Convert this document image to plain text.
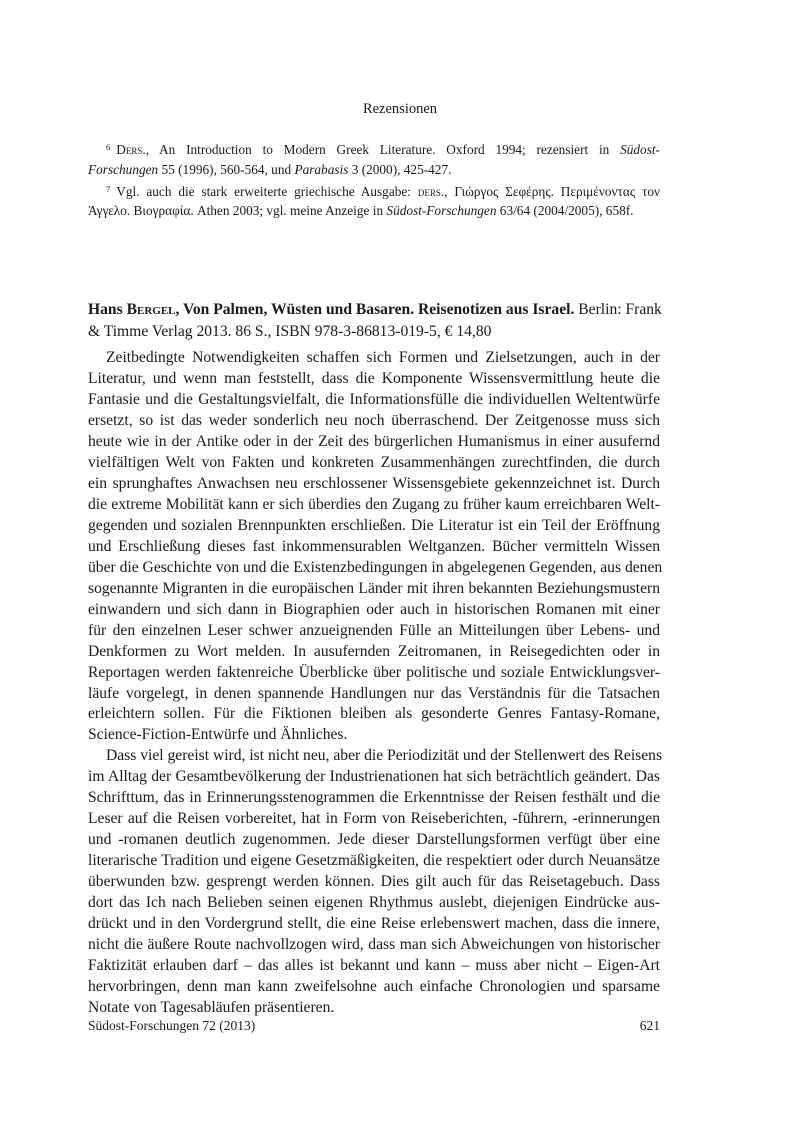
Rezensionen
$^6$ Ders., An Introduction to Modern Greek Literature. Oxford 1994; rezensiert in Südost-
Forschungen 55 (1996), 560-564, und Parabasis 3 (2000), 425-427.
$^7$ Vgl. auch die stark erweiterte griechische Ausgabe: ders., Γιώργος Σεφέρης. Περιμένοντας τον
Άγγελο. Βιογραφία. Athen 2003; vgl. meine Anzeige in Südost-Forschungen 63/64 (2004/2005), 658f.
Hans Bergel, Von Palmen, Wüsten und Basaren. Reisenotizen aus Israel. Berlin: Frank
& Timme Verlag 2013. 86 S., ISBN 978-3-86813-019-5, € 14,80
Zeitbedingte Notwendigkeiten schaffen sich Formen und Zielsetzungen, auch in der
Literatur, und wenn man feststellt, dass die Komponente Wissensvermittlung heute die
Fantasie und die Gestaltungsvielfalt, die Informationsfülle die individuellen Weltentwürfe
ersetzt, so ist das weder sonderlich neu noch überraschend. Der Zeitgenosse muss sich
heute wie in der Antike oder in der Zeit des bürgerlichen Humanismus in einer ausufernd
vielfältigen Welt von Fakten und konkreten Zusammenhängen zurechtfinden, die durch
ein sprunghaftes Anwachsen neu erschlossener Wissensgebiete gekennzeichnet ist. Durch
die extreme Mobilität kann er sich überdies den Zugang zu früher kaum erreichbaren Welt-
gegenden und sozialen Brennpunkten erschließen. Die Literatur ist ein Teil der Eröffnung
und Erschließung dieses fast inkommensurablen Weltganzen. Bücher vermitteln Wissen
über die Geschichte von und die Existenzbedingungen in abgelegenen Gegenden, aus denen
sogenannte Migranten in die europäischen Länder mit ihren bekannten Beziehungsmustern
einwandern und sich dann in Biographien oder auch in historischen Romanen mit einer
für den einzelnen Leser schwer anzueignenden Fülle an Mitteilungen über Lebens- und
Denkformen zu Wort melden. In ausufernden Zeitromanen, in Reisegedichten oder in
Reportagen werden faktenreiche Überblicke über politische und soziale Entwicklungsver-
läufe vorgelegt, in denen spannende Handlungen nur das Verständnis für die Tatsachen
erleichtern sollen. Für die Fiktionen bleiben als gesonderte Genres Fantasy-Romane,
Science-Fiction-Entwürfe und Ähnliches.
Dass viel gereist wird, ist nicht neu, aber die Periodizität und der Stellenwert des Reisens
im Alltag der Gesamtbevölkerung der Industrienationen hat sich beträchtlich geändert. Das
Schrifttum, das in Erinnerungsstenogrammen die Erkenntnisse der Reisen festhält und die
Leser auf die Reisen vorbereitet, hat in Form von Reiseberichten, -führern, -erinnerungen
und -romanen deutlich zugenommen. Jede dieser Darstellungsformen verfügt über eine
literarische Tradition und eigene Gesetzmäßigkeiten, die respektiert oder durch Neuansätze
überwunden bzw. gesprengt werden können. Dies gilt auch für das Reisetagebuch. Dass
dort das Ich nach Belieben seinen eigenen Rhythmus auslebt, diejenigen Eindrücke aus-
drückt und in den Vordergrund stellt, die eine Reise erlebenswert machen, dass die innere,
nicht die äußere Route nachvollzogen wird, dass man sich Abweichungen von historischer
Faktizität erlauben darf – das alles ist bekannt und kann – muss aber nicht – Eigen-Art
hervorbringen, denn man kann zweifelsohne auch einfache Chronologien und sparsame
Notate von Tagesabläufen präsentieren.
Südost-Forschungen 72 (2013)	621
